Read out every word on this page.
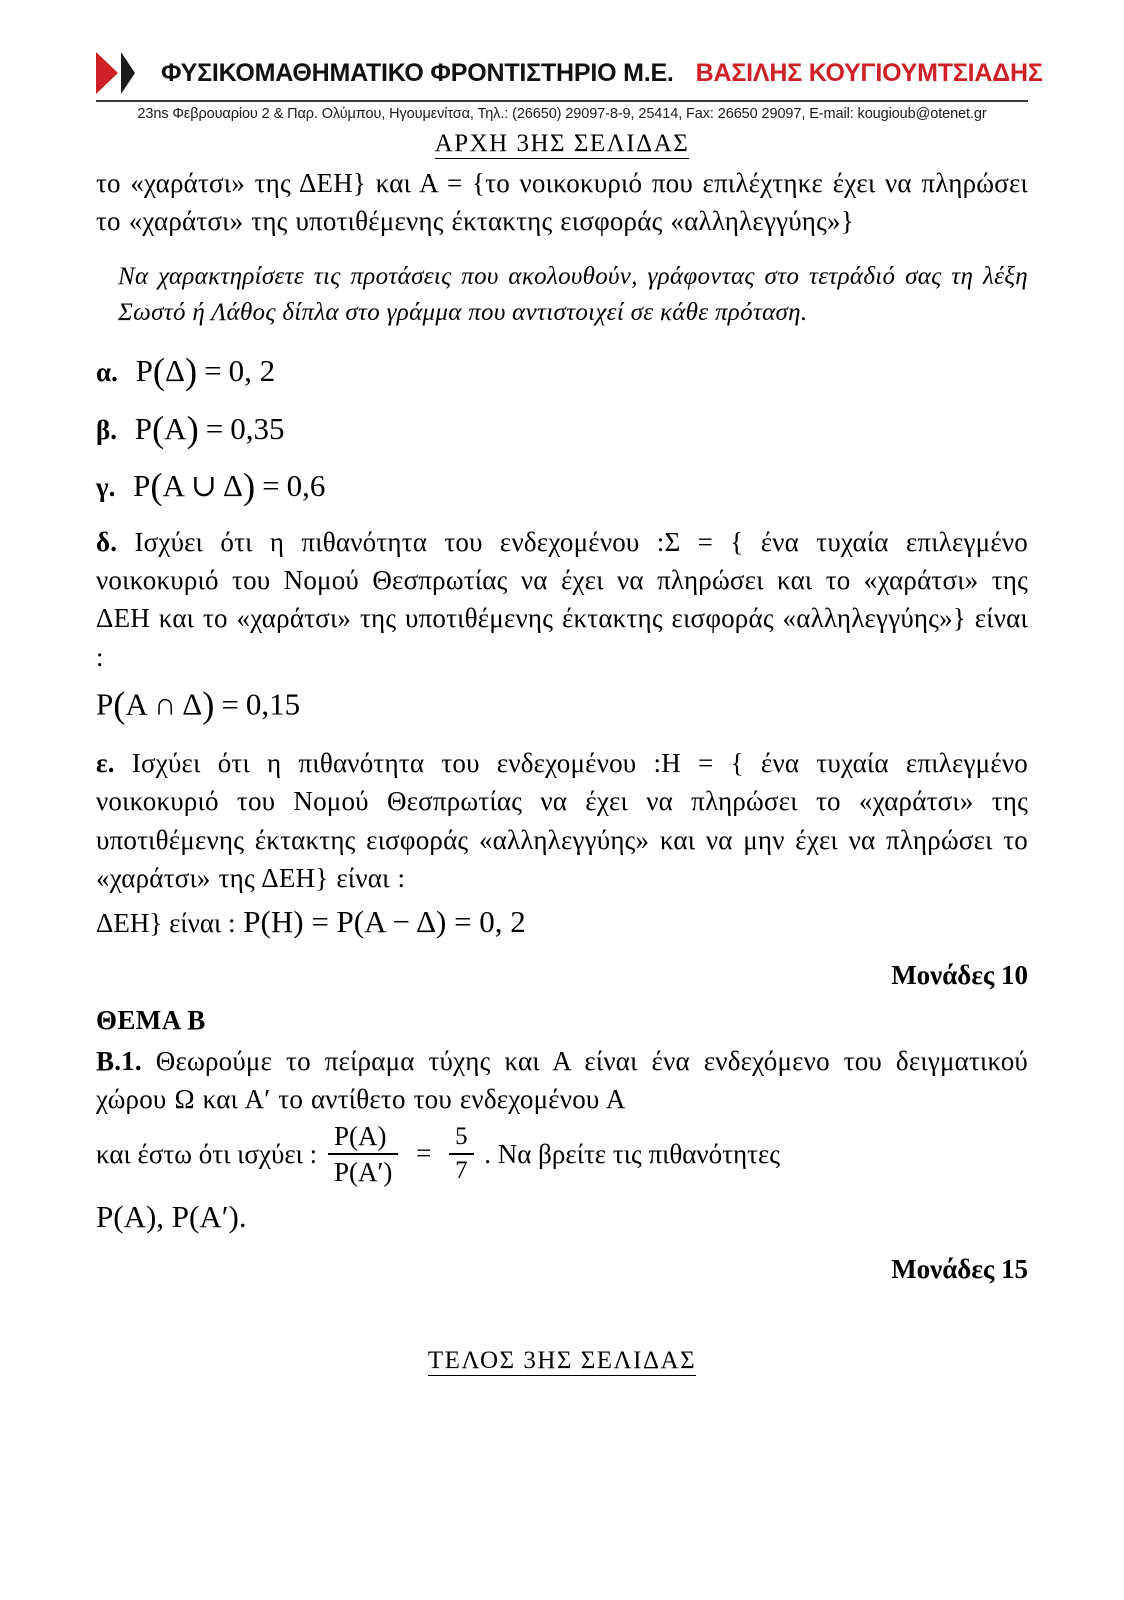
ΦΥΣΙΚΟΜΑΘΗΜΑΤΙΚΟ ΦΡΟΝΤΙΣΤΗΡΙΟ Μ.Ε. ΒΑΣΙΛΗΣ ΚΟΥΓΙΟΥΜΤΣΙΑΔΗΣ
23ns Φεβρουαρίου 2 & Παρ. Ολύμπου, Ηγουμενίτσα, Τηλ.: (26650) 29097-8-9, 25414, Fax: 26650 29097, E-mail: kougioub@otenet.gr
ΑΡΧΗ 3ΗΣ ΣΕΛΙΔΑΣ

το «χαράτσι» της ΔΕΗ} και Α = {το νοικοκυριό που επιλέχτηκε έχει να πληρώσει το «χαράτσι» της υποτιθέμενης έκτακτης εισφοράς «αλληλεγγύης»}

Να χαρακτηρίσετε τις προτάσεις που ακολουθούν, γράφοντας στο τετράδιό σας τη λέξη Σωστό ή Λάθος δίπλα στο γράμμα που αντιστοιχεί σε κάθε πρόταση.

α. P(Δ) = 0, 2
β. P(Α) = 0,35
γ. P(Α ∪ Δ) = 0,6

δ. Ισχύει ότι η πιθανότητα του ενδεχομένου :Σ = { ένα τυχαία επιλεγμένο νοικοκυριό του Νομού Θεσπρωτίας να έχει να πληρώσει και το «χαράτσι» της ΔΕΗ και το «χαράτσι» της υποτιθέμενης έκτακτης εισφοράς «αλληλεγγύης»} είναι :

P(Α ∩ Δ) = 0,15

ε. Ισχύει ότι η πιθανότητα του ενδεχομένου :Η = { ένα τυχαία επιλεγμένο νοικοκυριό του Νομού Θεσπρωτίας να έχει να πληρώσει το «χαράτσι» της υποτιθέμενης έκτακτης εισφοράς «αλληλεγγύης» και να μην έχει να πληρώσει το «χαράτσι» της ΔΕΗ} είναι :

ΔΕΗ} είναι : P(Η) = P(Α − Δ) = 0, 2
Μονάδες 10
ΘΕΜΑ Β

Β.1. Θεωρούμε το πείραμα τύχης και Α είναι ένα ενδεχόμενο του δειγματικού χώρου Ω και Α′ το αντίθετο του ενδεχομένου Α

και έστω ότι ισχύει : $\frac{P(A)}{P(A')} = \frac{5}{7}$ . Να βρείτε τις πιθανότητες
P(Α), P(Α′).
Μονάδες 15
ΤΕΛΟΣ 3ΗΣ ΣΕΛΙΔΑΣ
